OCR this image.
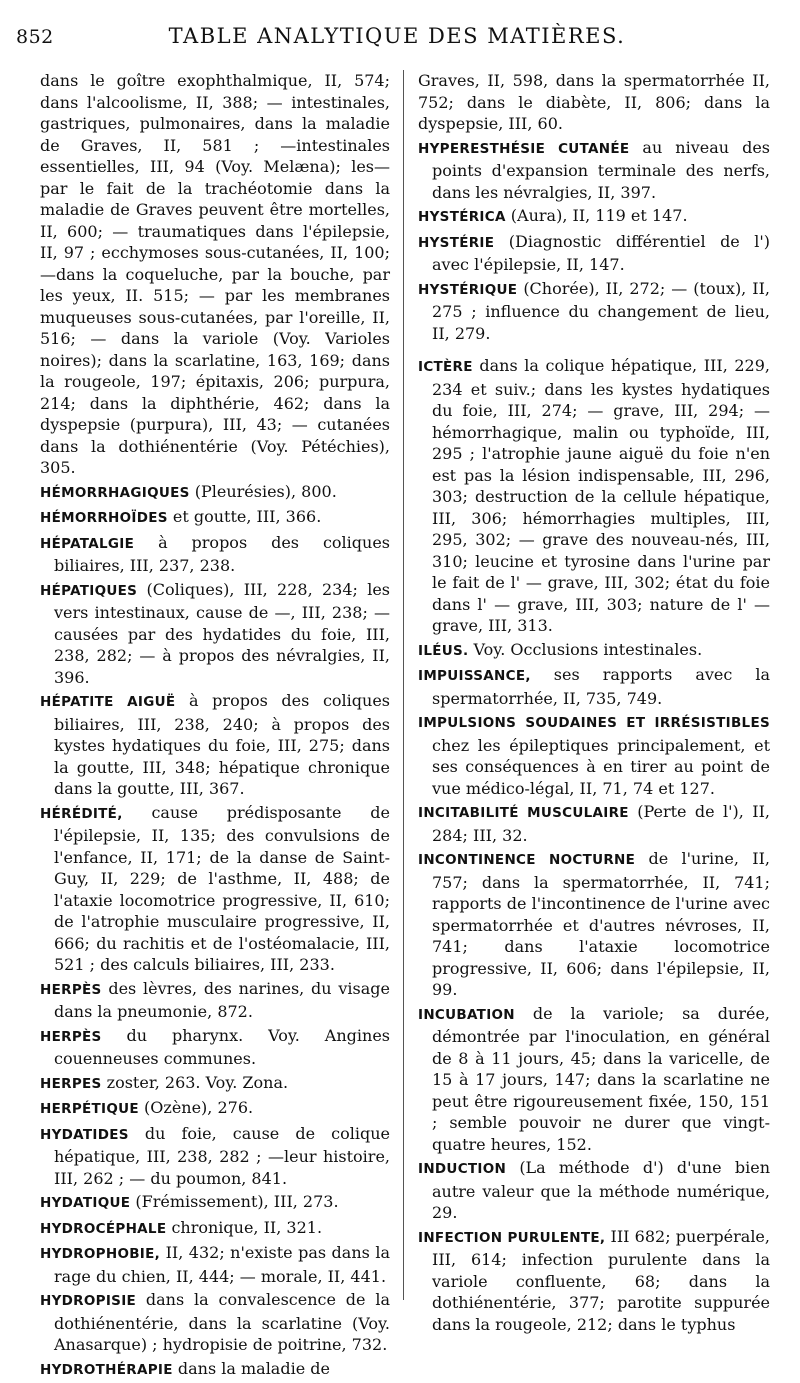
852	TABLE ANALYTIQUE DES MATIÈRES.

dans le goître exophthalmique, II, 574; dans l'alcoolisme, II, 388; — intestinales, gastriques, pulmonaires, dans la maladie de Graves, II, 581 ; —intestinales essentielles, III, 94 (Voy. Melæna); les—par le fait de la trachéotomie dans la maladie de Graves peuvent être mortelles, II, 600; — traumatiques dans l'épilepsie, II, 97 ; ecchymoses sous-cutanées, II, 100;—dans la coqueluche, par la bouche, par les yeux, II. 515; — par les membranes muqueuses sous-cutanées, par l'oreille, II, 516; — dans la variole (Voy. Varioles noires); dans la scarlatine, 163, 169; dans la rougeole, 197; épitaxis, 206; purpura, 214; dans la diphthérie, 462; dans la dyspepsie (purpura), III, 43; — cutanées dans la dothiénentérie (Voy. Pétéchies), 305.

HÉMORRHAGIQUES (Pleurésies), 800.

HÉMORRHOÏDES et goutte, III, 366.

HÉPATALGIE à propos des coliques biliaires, III, 237, 238.

HÉPATIQUES (Coliques), III, 228, 234; les vers intestinaux, cause de —, III, 238; —causées par des hydatides du foie, III, 238, 282; — à propos des névralgies, II, 396.

HÉPATITE AIGUË à propos des coliques biliaires, III, 238, 240; à propos des kystes hydatiques du foie, III, 275; dans la goutte, III, 348; hépatique chronique dans la goutte, III, 367.

HÉRÉDITÉ, cause prédisposante de l'épilepsie, II, 135; des convulsions de l'enfance, II, 171; de la danse de Saint-Guy, II, 229; de l'asthme, II, 488; de l'ataxie locomotrice progressive, II, 610; de l'atrophie musculaire progressive, II, 666; du rachitis et de l'ostéomalacie, III, 521 ; des calculs biliaires, III, 233.

HERPÈS des lèvres, des narines, du visage dans la pneumonie, 872.

HERPÈS du pharynx. Voy. Angines couenneuses communes.

HERPES zoster, 263. Voy. Zona.

HERPÉTIQUE (Ozène), 276.

HYDATIDES du foie, cause de colique hépatique, III, 238, 282 ; —leur histoire, III, 262 ; — du poumon, 841.

HYDATIQUE (Frémissement), III, 273.

HYDROCÉPHALE chronique, II, 321.

HYDROPHOBIE, II, 432; n'existe pas dans la rage du chien, II, 444; — morale, II, 441.

HYDROPISIE dans la convalescence de la dothiénentérie, dans la scarlatine (Voy. Anasarque) ; hydropisie de poitrine, 732.

HYDROTHÉRAPIE dans la maladie de

Graves, II, 598, dans la spermatorrhée II, 752; dans le diabète, II, 806; dans la dyspepsie, III, 60.

HYPERESTHÉSIE CUTANÉE au niveau des points d'expansion terminale des nerfs, dans les névralgies, II, 397.

HYSTÉRICA (Aura), II, 119 et 147.

HYSTÉRIE (Diagnostic différentiel de l') avec l'épilepsie, II, 147.

HYSTÉRIQUE (Chorée), II, 272; — (toux), II, 275 ; influence du changement de lieu, II, 279.

ICTÈRE dans la colique hépatique, III, 229, 234 et suiv.; dans les kystes hydatiques du foie, III, 274; — grave, III, 294; — hémorrhagique, malin ou typhoïde, III, 295 ; l'atrophie jaune aiguë du foie n'en est pas la lésion indispensable, III, 296, 303; destruction de la cellule hépatique, III, 306; hémorrhagies multiples, III, 295, 302; — grave des nouveau-nés, III, 310; leucine et tyrosine dans l'urine par le fait de l' — grave, III, 302; état du foie dans l' — grave, III, 303; nature de l' — grave, III, 313.

ILÉUS. Voy. Occlusions intestinales.

IMPUISSANCE, ses rapports avec la spermatorrhée, II, 735, 749.

IMPULSIONS SOUDAINES ET IRRÉSISTIBLES chez les épileptiques principalement, et ses conséquences à en tirer au point de vue médico-légal, II, 71, 74 et 127.

INCITABILITÉ MUSCULAIRE (Perte de l'), II, 284; III, 32.

INCONTINENCE NOCTURNE de l'urine, II, 757; dans la spermatorrhée, II, 741; rapports de l'incontinence de l'urine avec spermatorrhée et d'autres névroses, II, 741; dans l'ataxie locomotrice progressive, II, 606; dans l'épilepsie, II, 99.

INCUBATION de la variole; sa durée, démontrée par l'inoculation, en général de 8 à 11 jours, 45; dans la varicelle, de 15 à 17 jours, 147; dans la scarlatine ne peut être rigoureusement fixée, 150, 151 ; semble pouvoir ne durer que vingt-quatre heures, 152.

INDUCTION (La méthode d') d'une bien autre valeur que la méthode numérique, 29.

INFECTION PURULENTE, III 682; puerpérale, III, 614; infection purulente dans la variole confluente, 68; dans la dothiénentérie, 377; parotite suppurée dans la rougeole, 212; dans le typhus
